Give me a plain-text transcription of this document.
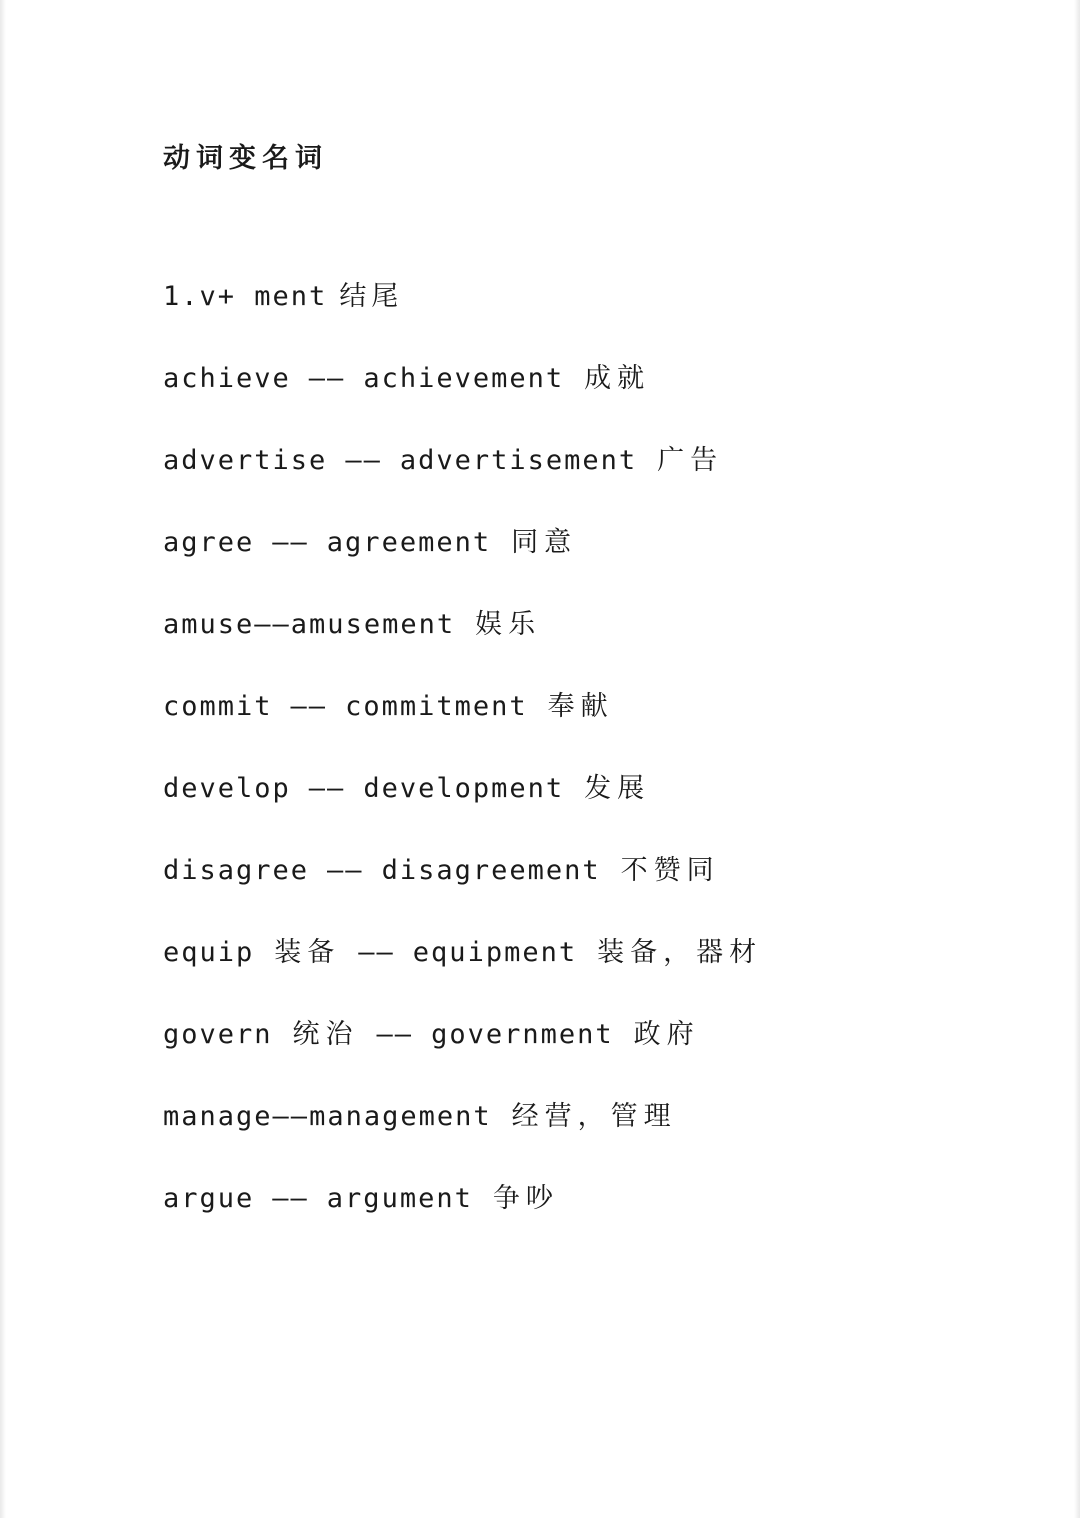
动词变名词
1.v+ ment 结尾
achieve —— achievement 成就
advertise —— advertisement 广告
agree —— agreement 同意
amuse——amusement 娱乐
commit —— commitment 奉献
develop —— development 发展
disagree —— disagreement 不赞同
equip 装备 —— equipment 装备，器材
govern 统治 —— government 政府
manage——management 经营，管理
argue —— argument 争吵
